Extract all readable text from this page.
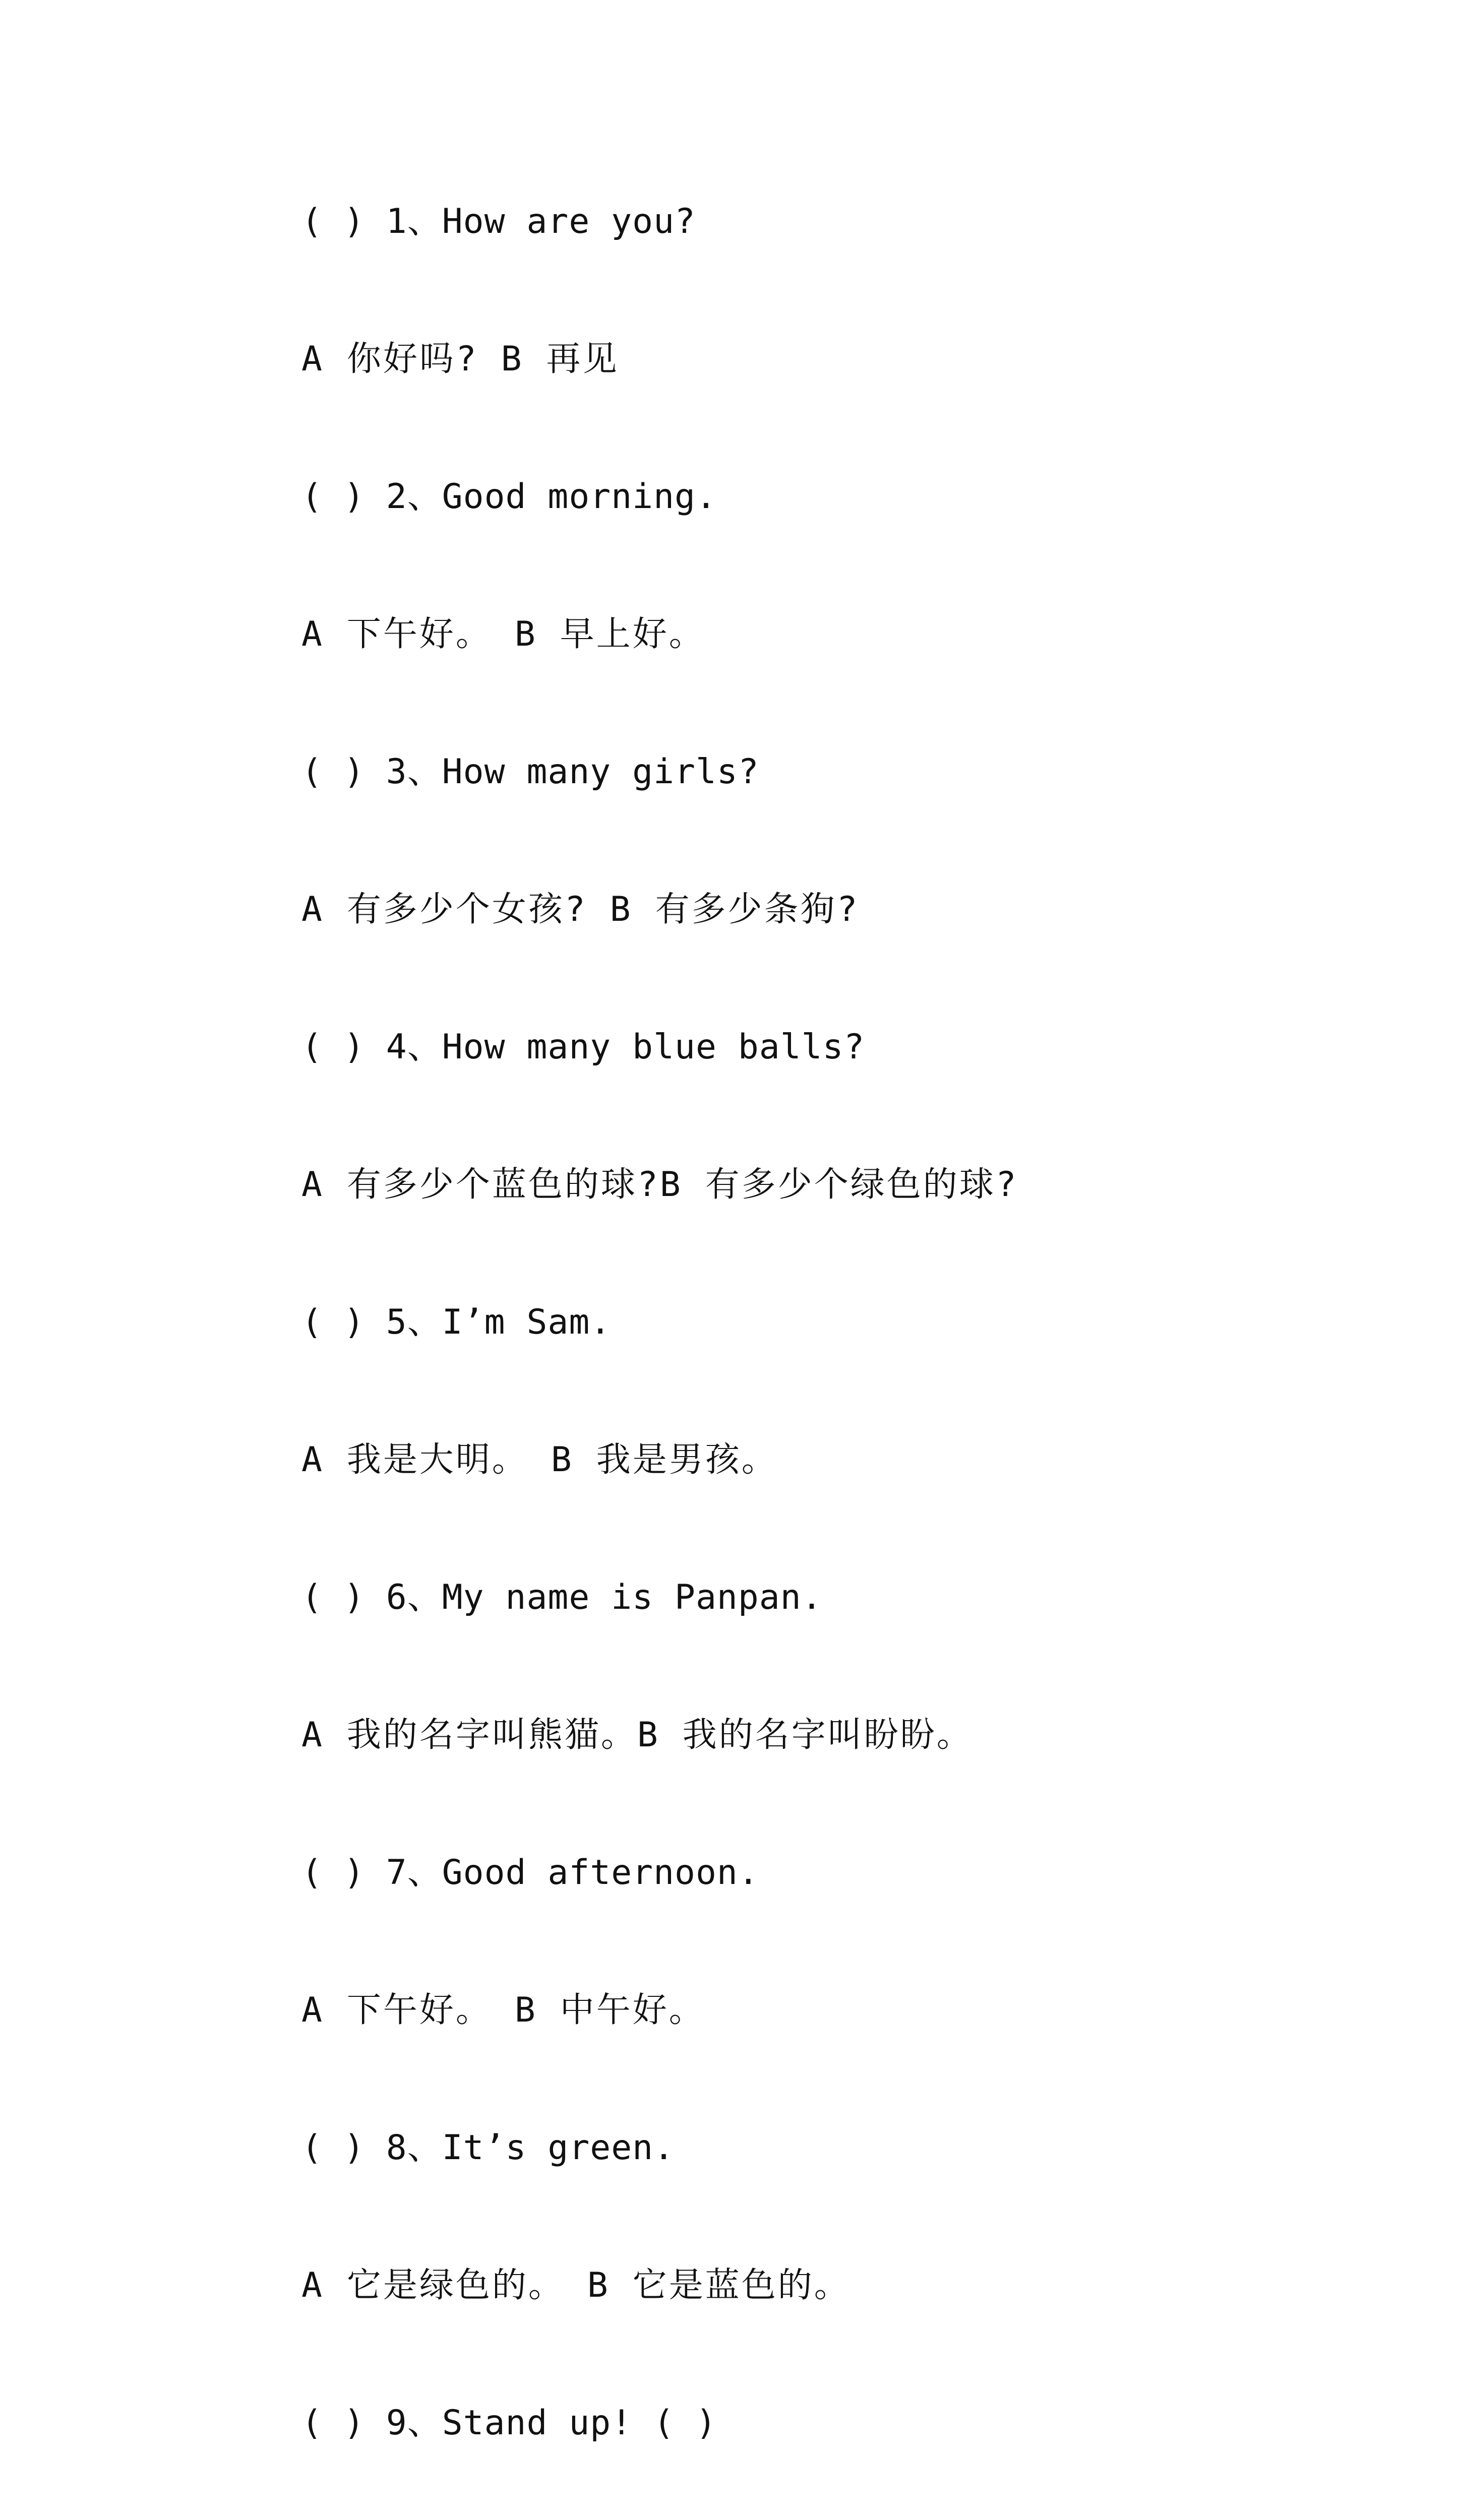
( ) 1、How are you?
A 你好吗? B 再见
( ) 2、Good morning.
A 下午好。 B 早上好。
( ) 3、How many girls?
A 有多少个女孩? B 有多少条狗?
( ) 4、How many blue balls?
A 有多少个蓝色的球?B 有多少个绿色的球?
( ) 5、I’m Sam.
A 我是大明。 B 我是男孩。
( ) 6、My name is Panpan.
A 我的名字叫熊猫。B 我的名字叫盼盼。
( ) 7、Good afternoon.
A 下午好。 B 中午好。
( ) 8、It’s green.
A 它是绿色的。 B 它是蓝色的。
( ) 9、Stand up! ( )
